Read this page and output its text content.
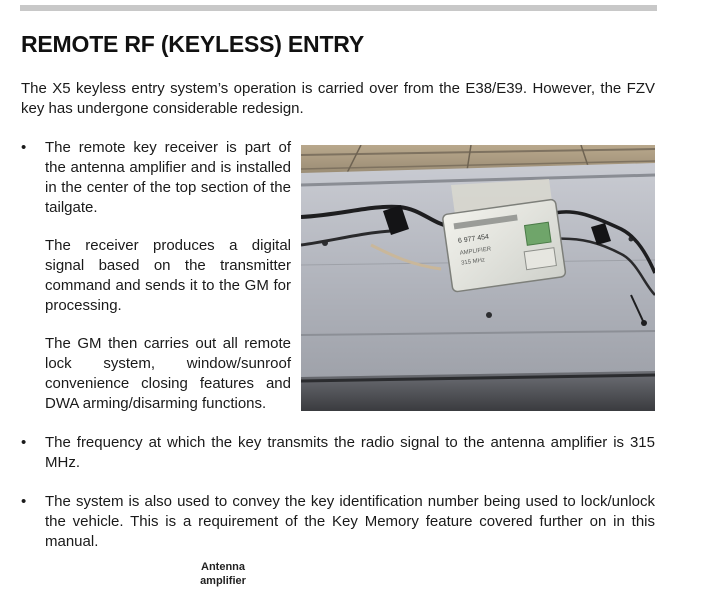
REMOTE RF (KEYLESS) ENTRY

The X5 keyless entry system’s operation is carried over from the E38/E39. However, the FZV key has undergone considerable redesign.

• The remote key receiver is part of the antenna amplifier and is installed in the center of the top section of the tailgate.

The receiver produces a digital signal based on the transmitter command and sends it to the GM for processing.

The GM then carries out all remote lock system, window/sunroof convenience closing features and DWA arming/disarming functions.

6 977 454
AMPLIFIER
315 MHz
• The frequency at which the key transmits the radio signal to the antenna amplifier is 315 MHz.

• The system is also used to convey the key identification number being used to lock/unlock the vehicle. This is a requirement of the Key Memory feature covered further on in this manual.

Antenna
amplifier
